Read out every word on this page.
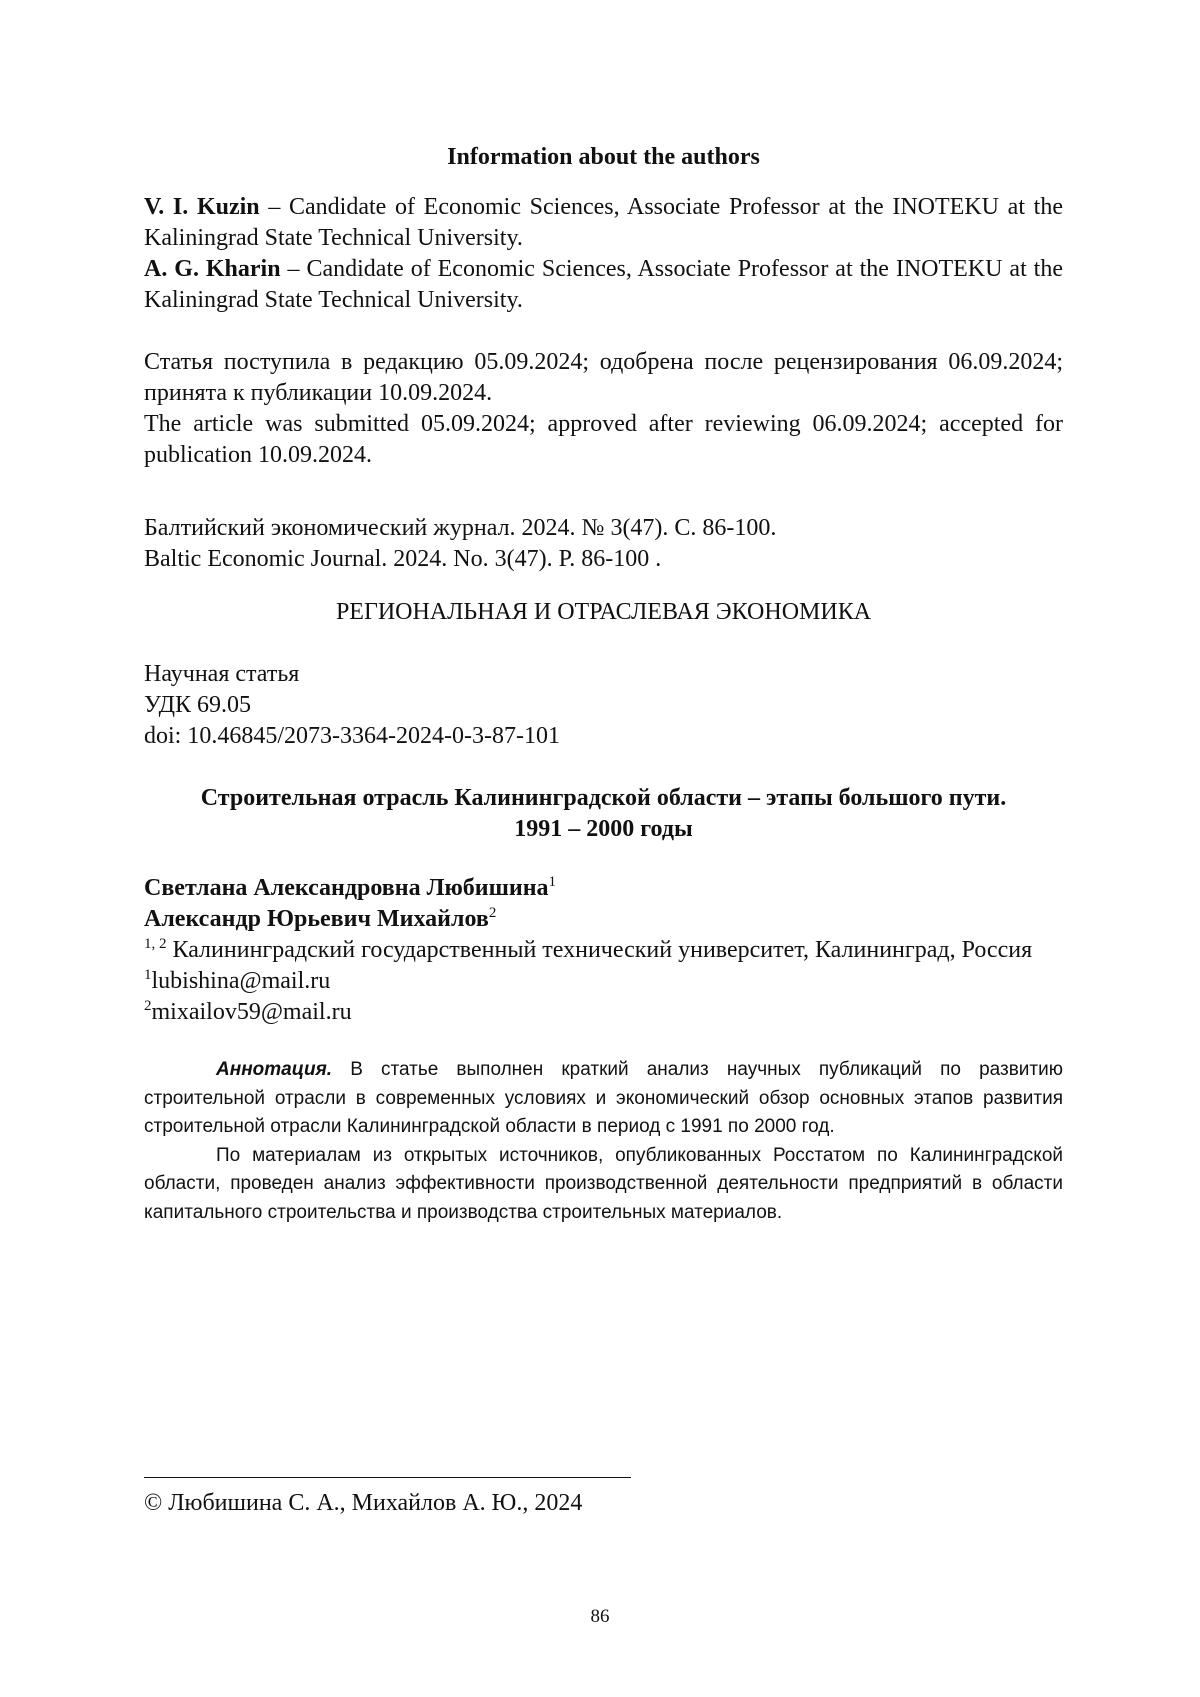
Information about the authors

V. I. Kuzin – Candidate of Economic Sciences, Associate Professor at the INOTEKU at the Kaliningrad State Technical University.

A. G. Kharin – Candidate of Economic Sciences, Associate Professor at the INOTEKU at the Kaliningrad State Technical University.

Статья поступила в редакцию 05.09.2024; одобрена после рецензирования 06.09.2024; принята к публикации 10.09.2024.

The article was submitted 05.09.2024; approved after reviewing 06.09.2024; accepted for publication 10.09.2024.

Балтийский экономический журнал. 2024. № 3(47). С. 86-100.

Baltic Economic Journal. 2024. No. 3(47). P. 86-100 .

РЕГИОНАЛЬНАЯ И ОТРАСЛЕВАЯ ЭКОНОМИКА

Научная статья

УДК 69.05

doi: 10.46845/2073-3364-2024-0-3-87-101

Строительная отрасль Калининградской области – этапы большого пути.

1991 – 2000 годы

Светлана Александровна Любишина$^1$

Александр Юрьевич Михайлов$^2$

$^{1, 2}$ Калининградский государственный технический университет, Калининград, Россия

$^1$lubishina@mail.ru

$^2$mixailov59@mail.ru

Аннотация. В статье выполнен краткий анализ научных публикаций по развитию строительной отрасли в современных условиях и экономический обзор основных этапов развития строительной отрасли Калининградской области в период с 1991 по 2000 год.

По материалам из открытых источников, опубликованных Росстатом по Калининградской области, проведен анализ эффективности производственной деятельности предприятий в области капитального строительства и производства строительных материалов.

© Любишина С. А., Михайлов А. Ю., 2024

86
